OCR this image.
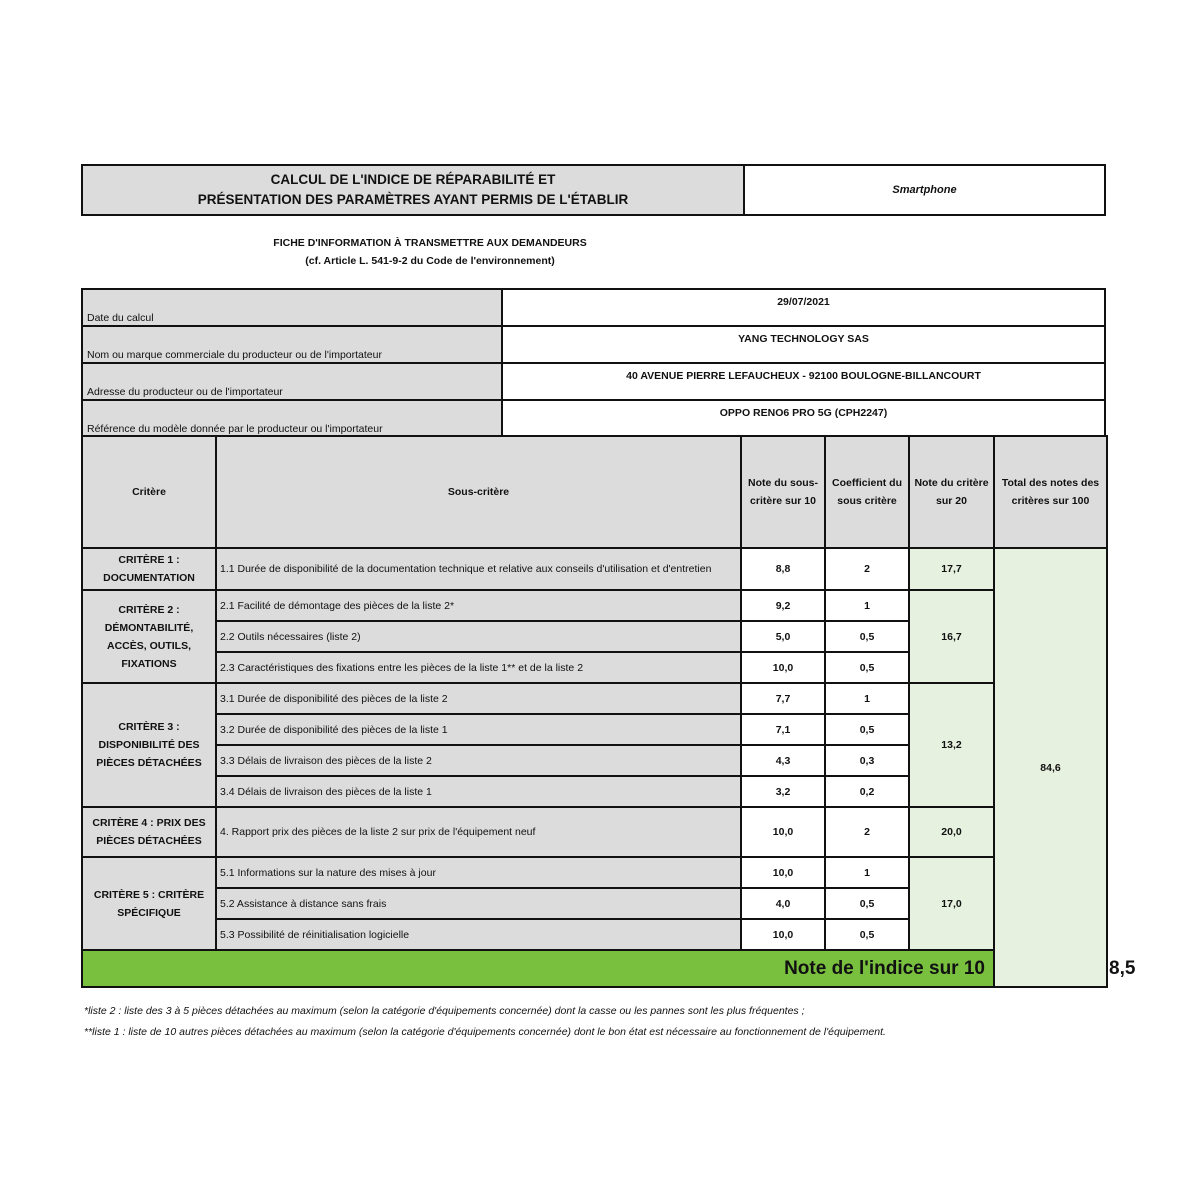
CALCUL DE L'INDICE DE RÉPARABILITÉ ET
PRÉSENTATION DES PARAMÈTRES AYANT PERMIS DE L'ÉTABLIR
	Smartphone
FICHE D'INFORMATION À TRANSMETTRE AUX DEMANDEURS
(cf. Article L. 541-9-2 du Code de l'environnement)
Date du calcul	29/07/2021
Nom ou marque commerciale du producteur ou de l'importateur	YANG TECHNOLOGY SAS
Adresse du producteur ou de l'importateur	40 AVENUE PIERRE LEFAUCHEUX - 92100 BOULOGNE-BILLANCOURT
Référence du modèle donnée par le producteur ou l'importateur	OPPO RENO6 PRO 5G (CPH2247)
Critère	Sous-critère	Note du sous-critère sur 10	Coefficient du sous critère	Note du critère sur 20	Total des notes des critères sur 100	
CRITÈRE 1 : DOCUMENTATION	1.1 Durée de disponibilité de la documentation technique et relative aux conseils d'utilisation et d'entretien	8,8	2	17,7	84,6	
CRITÈRE 2 : DÉMONTABILITÉ, ACCÈS, OUTILS, FIXATIONS	2.1 Facilité de démontage des pièces de la liste 2*	9,2	1	16,7		
	2.2 Outils nécessaires (liste 2)	5,0	0,5			
	2.3 Caractéristiques des fixations entre les pièces de la liste 1** et de la liste 2	10,0	0,5			
CRITÈRE 3 : DISPONIBILITÉ DES PIÈCES DÉTACHÉES	3.1 Durée de disponibilité des pièces de la liste 2	7,7	1	13,2		
	3.2 Durée de disponibilité des pièces de la liste 1	7,1	0,5			
	3.3 Délais de livraison des pièces de la liste 2	4,3	0,3			
	3.4 Délais de livraison des pièces de la liste 1	3,2	0,2			
CRITÈRE 4 : PRIX DES PIÈCES DÉTACHÉES	4. Rapport prix des pièces de la liste 2 sur prix de l'équipement neuf	10,0	2	20,0		
CRITÈRE 5 : CRITÈRE SPÉCIFIQUE	5.1 Informations sur la nature des mises à jour	10,0	1	17,0		
	5.2 Assistance à distance sans frais	4,0	0,5			
	5.3 Possibilité de réinitialisation logicielle	10,0	0,5			
Note de l'indice sur 10						8,5
*liste 2 : liste des 3 à 5 pièces détachées au maximum (selon la catégorie d'équipements concernée) dont la casse ou les pannes sont les plus fréquentes ;
**liste 1 : liste de 10 autres pièces détachées au maximum (selon la catégorie d'équipements concernée) dont le bon état est nécessaire au fonctionnement de l'équipement.
